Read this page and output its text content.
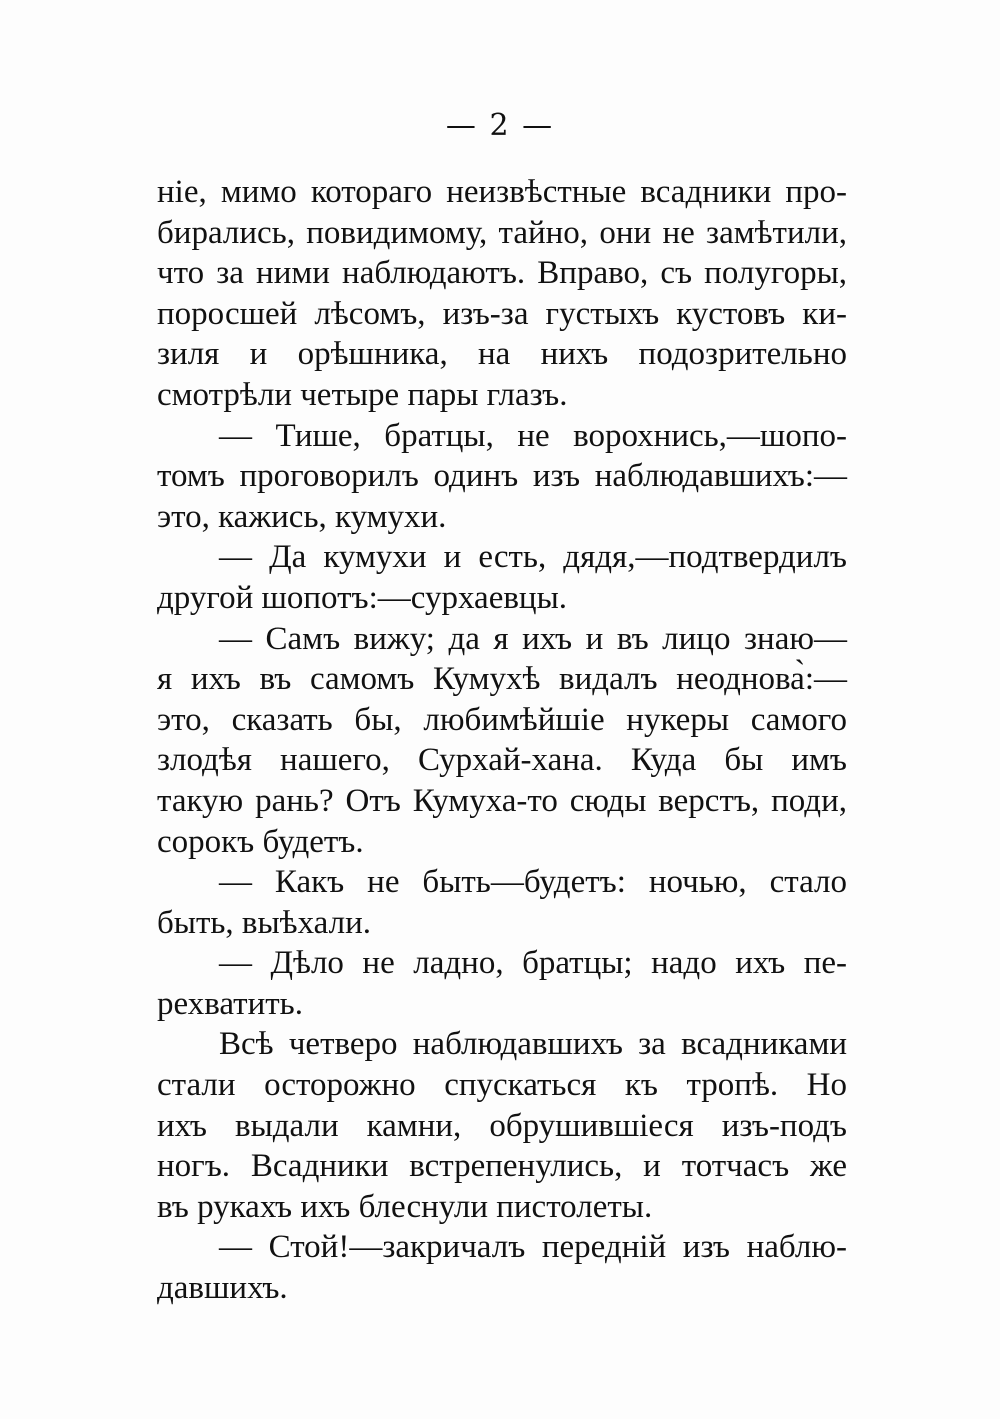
— 2 —
ніе, мимо котораго неизвѣстные всадники про-
бирались, повидимому, тайно, они не замѣтили,
что за ними наблюдаютъ. Вправо, съ полугоры,
поросшей лѣсомъ, изъ-за густыхъ кустовъ ки-
зиля и орѣшника, на нихъ подозрительно
смотрѣли четыре пары глазъ.
— Тише, братцы, не ворохнись,—шопо-
томъ проговорилъ одинъ изъ наблюдавшихъ:—
это, кажись, кумухи.
— Да кумухи и есть, дядя,—подтвердилъ
другой шопотъ:—сурхаевцы.
— Самъ вижу; да я ихъ и въ лицо знаю—
я ихъ въ самомъ Кумухѣ видалъ неоднова̀:—
это, сказать бы, любимѣйшіе нукеры самого
злодѣя нашего, Сурхай-хана. Куда бы имъ
такую рань? Отъ Кумуха-то сюды верстъ, поди,
сорокъ будетъ.
— Какъ не быть—будетъ: ночью, стало
быть, выѣхали.
— Дѣло не ладно, братцы; надо ихъ пе-
рехватить.
Всѣ четверо наблюдавшихъ за всадниками
стали осторожно спускаться къ тропѣ. Но
ихъ выдали камни, обрушившіеся изъ-подъ
ногъ. Всадники встрепенулись, и тотчасъ же
въ рукахъ ихъ блеснули пистолеты.
— Стой!—закричалъ передній изъ наблю-
давшихъ.
